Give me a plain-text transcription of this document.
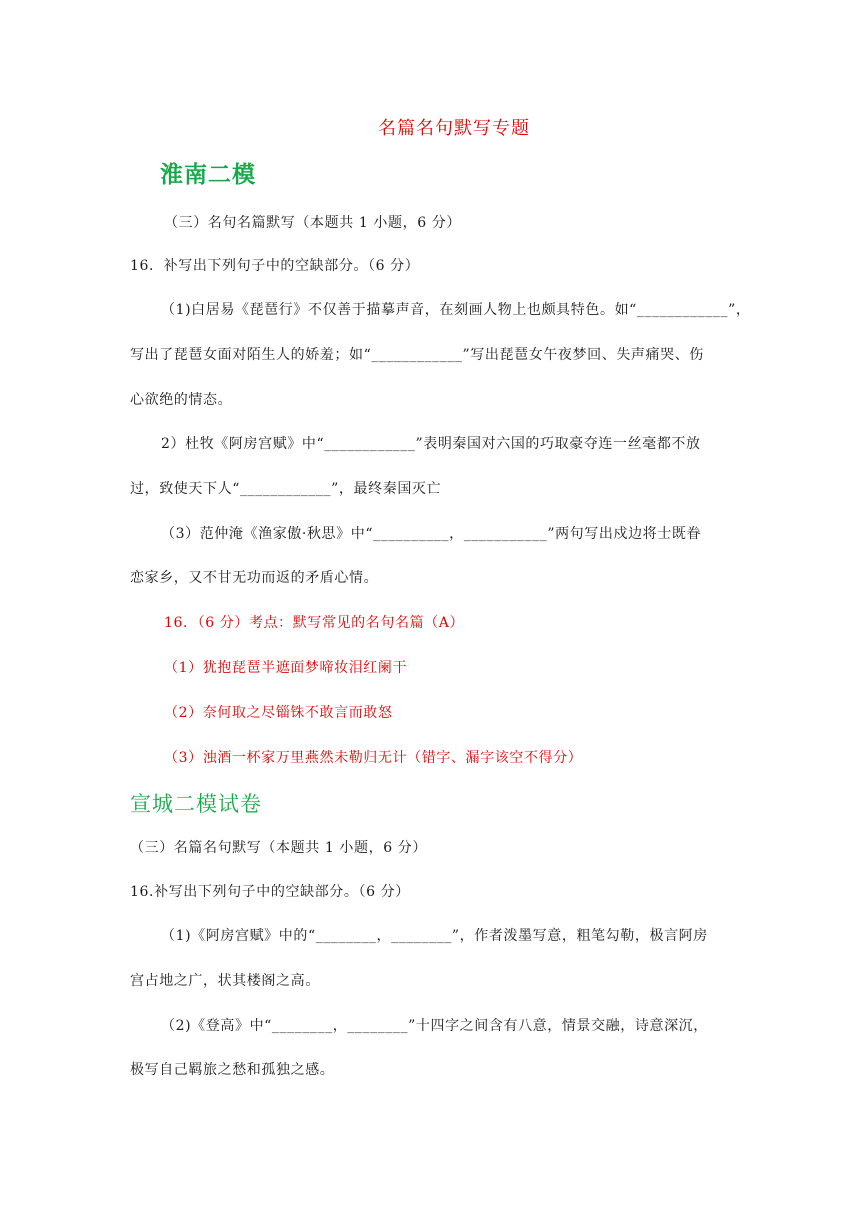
名篇名句默写专题
淮南二模
（三）名句名篇默写（本题共 1 小题，6 分）
16．补写出下列句子中的空缺部分。（6 分）
（1)白居易《琵琶行》不仅善于描摹声音，在刻画人物上也颇具特色。如“____________”，
写出了琵琶女面对陌生人的娇羞；如“____________”写出琵琶女午夜梦回、失声痛哭、伤
心欲绝的情态。
2）杜牧《阿房宫赋》中“____________”表明秦国对六国的巧取豪夺连一丝毫都不放
过，致使天下人“____________”，最终秦国灭亡
（3）范仲淹《渔家傲·秋思》中“__________，___________”两句写出戍边将士既眷
恋家乡，又不甘无功而返的矛盾心情。
16．（6 分）考点：默写常见的名句名篇（A）
（1）犹抱琵琶半遮面梦啼妆泪红阑干
（2）奈何取之尽锱铢不敢言而敢怒
（3）浊酒一杯家万里燕然未勒归无计（错字、漏字该空不得分）
宣城二模试卷
（三）名篇名句默写（本题共 1 小题，6 分）
16.补写出下列句子中的空缺部分。（6 分）
（1)《阿房宫赋》中的“________，________”，作者泼墨写意，粗笔勾勒，极言阿房
宫占地之广，状其楼阁之高。
（2)《登高》中“________，________”十四字之间含有八意，情景交融，诗意深沉，
极写自己羁旅之愁和孤独之感。
